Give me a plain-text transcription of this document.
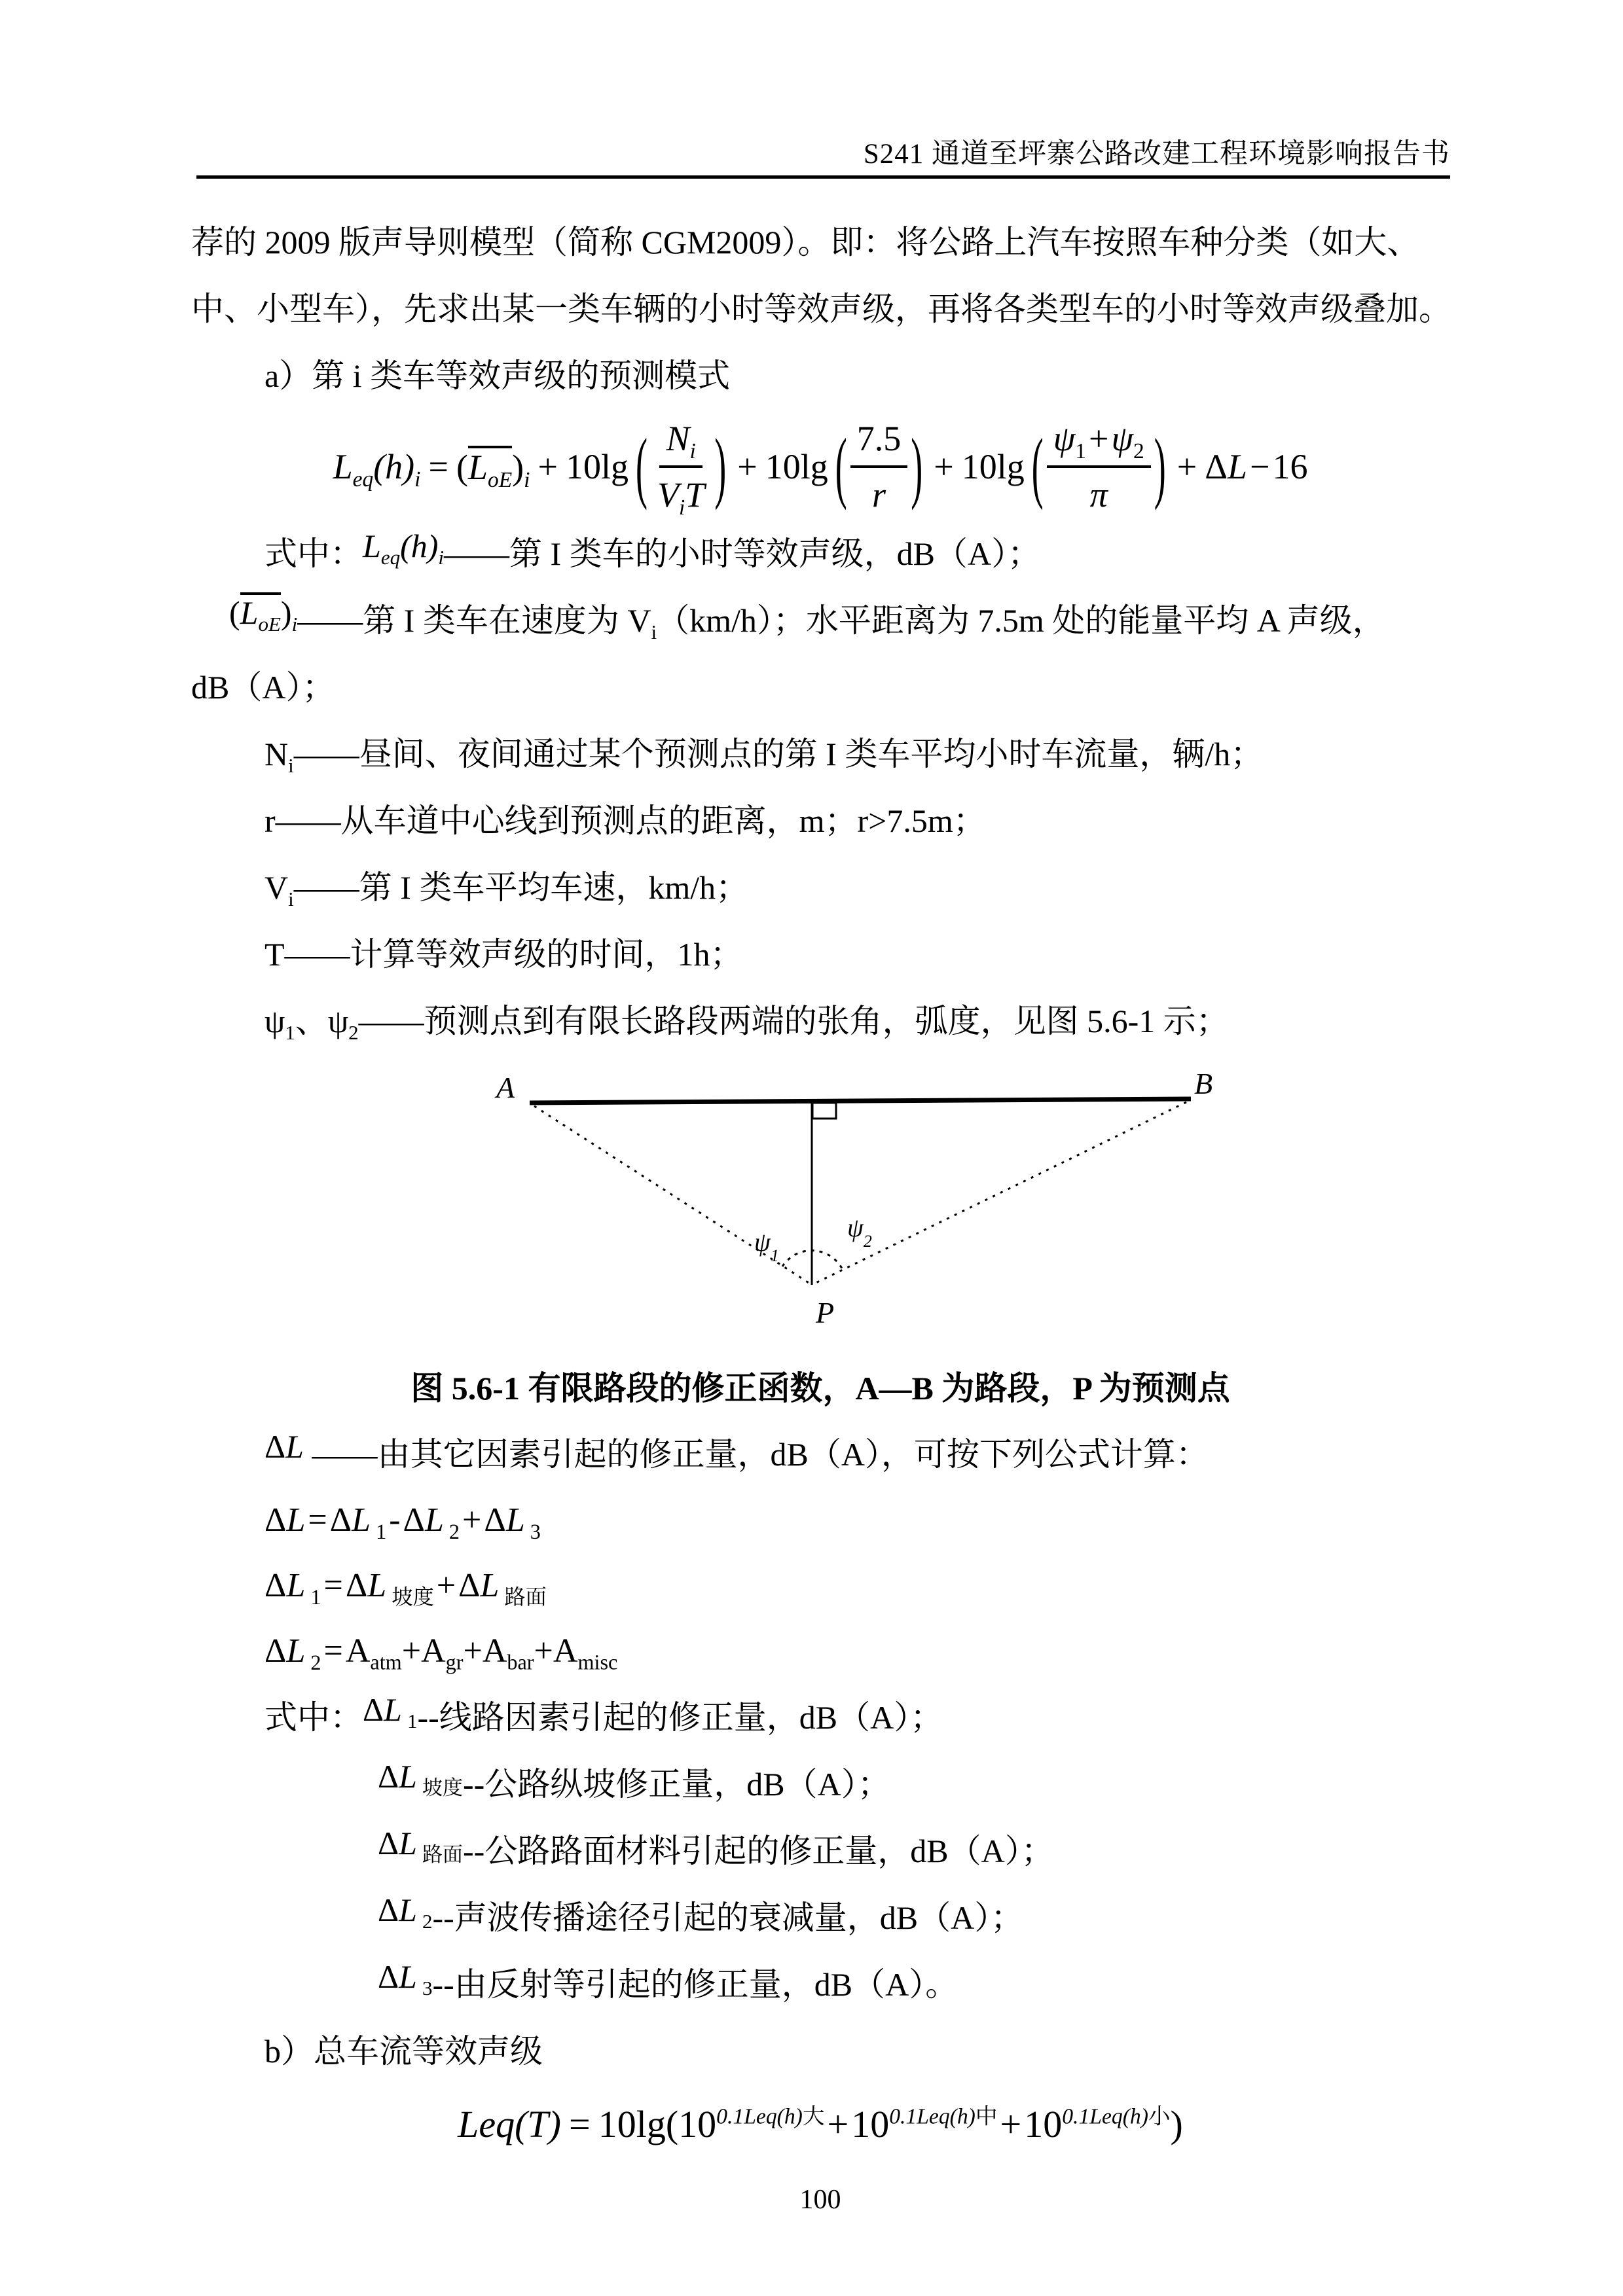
S241 通道至坪寨公路改建工程环境影响报告书
荐的 2009 版声导则模型（简称 CGM2009）。即：将公路上汽车按照车种分类（如大、
中、小型车），先求出某一类车辆的小时等效声级，再将各类型车的小时等效声级叠加。
a）第 i 类车等效声级的预测模式
$L_{eq}(h)_i = (L_{oE})_i + 10\lg$ ( $\frac{N_i}{V_iT}$ ) + 10lg ( $\frac{7.5}{r}$ ) + 10lg ( $\frac{\psi_1+\psi_2}{\pi}$ ) + ΔL − 16
式中：$L_{eq}(h)_i——$第 I 类车的小时等效声级，dB（A）；
$(L_{oE})_i——$第 I 类车在速度为 $V_i(km/h)$；水平距离为 7.5m 处的能量平均 A 声级，
dB（A）；
$N_i——$昼间、夜间通过某个预测点的第 I 类车平均小时车流量，辆/h；
r——从车道中心线到预测点的距离，m；r>7.5m；
$V_i——$第 I 类车平均车速，km/h；
T——计算等效声级的时间，1h；
$\psi_1$、$\psi_2——$预测点到有限长路段两端的张角，弧度，见图 5.6-1 示；
A	B
P
$\psi_1$
$\psi_2$
图 5.6-1 有限路段的修正函数，A—B 为路段，P 为预测点
ΔL ——由其它因素引起的修正量，dB（A），可按下列公式计算：
ΔL = ΔL $_1$ - ΔL $_2$ + ΔL $_3$
ΔL $_1$ = ΔL $_{坡度}$ + ΔL $_{路面}$
ΔL $_2 = A_{atm} + A_{gr} + A_{bar} + A_{misc}$
式中：ΔL $_1$--线路因素引起的修正量，dB（A）；
ΔL $_{坡度}$--公路纵坡修正量，dB（A）；
ΔL $_{路面}$--公路路面材料引起的修正量，dB（A）；
ΔL $_2$--声波传播途径引起的衰减量，dB（A）；
ΔL $_3$--由反射等引起的修正量，dB（A）。
b）总车流等效声级
Leq(T) = 10lg( $10^{0.1Leq(h)大} + 10^{0.1Leq(h)中} + 10^{0.1Leq(h)小}$ )
100
